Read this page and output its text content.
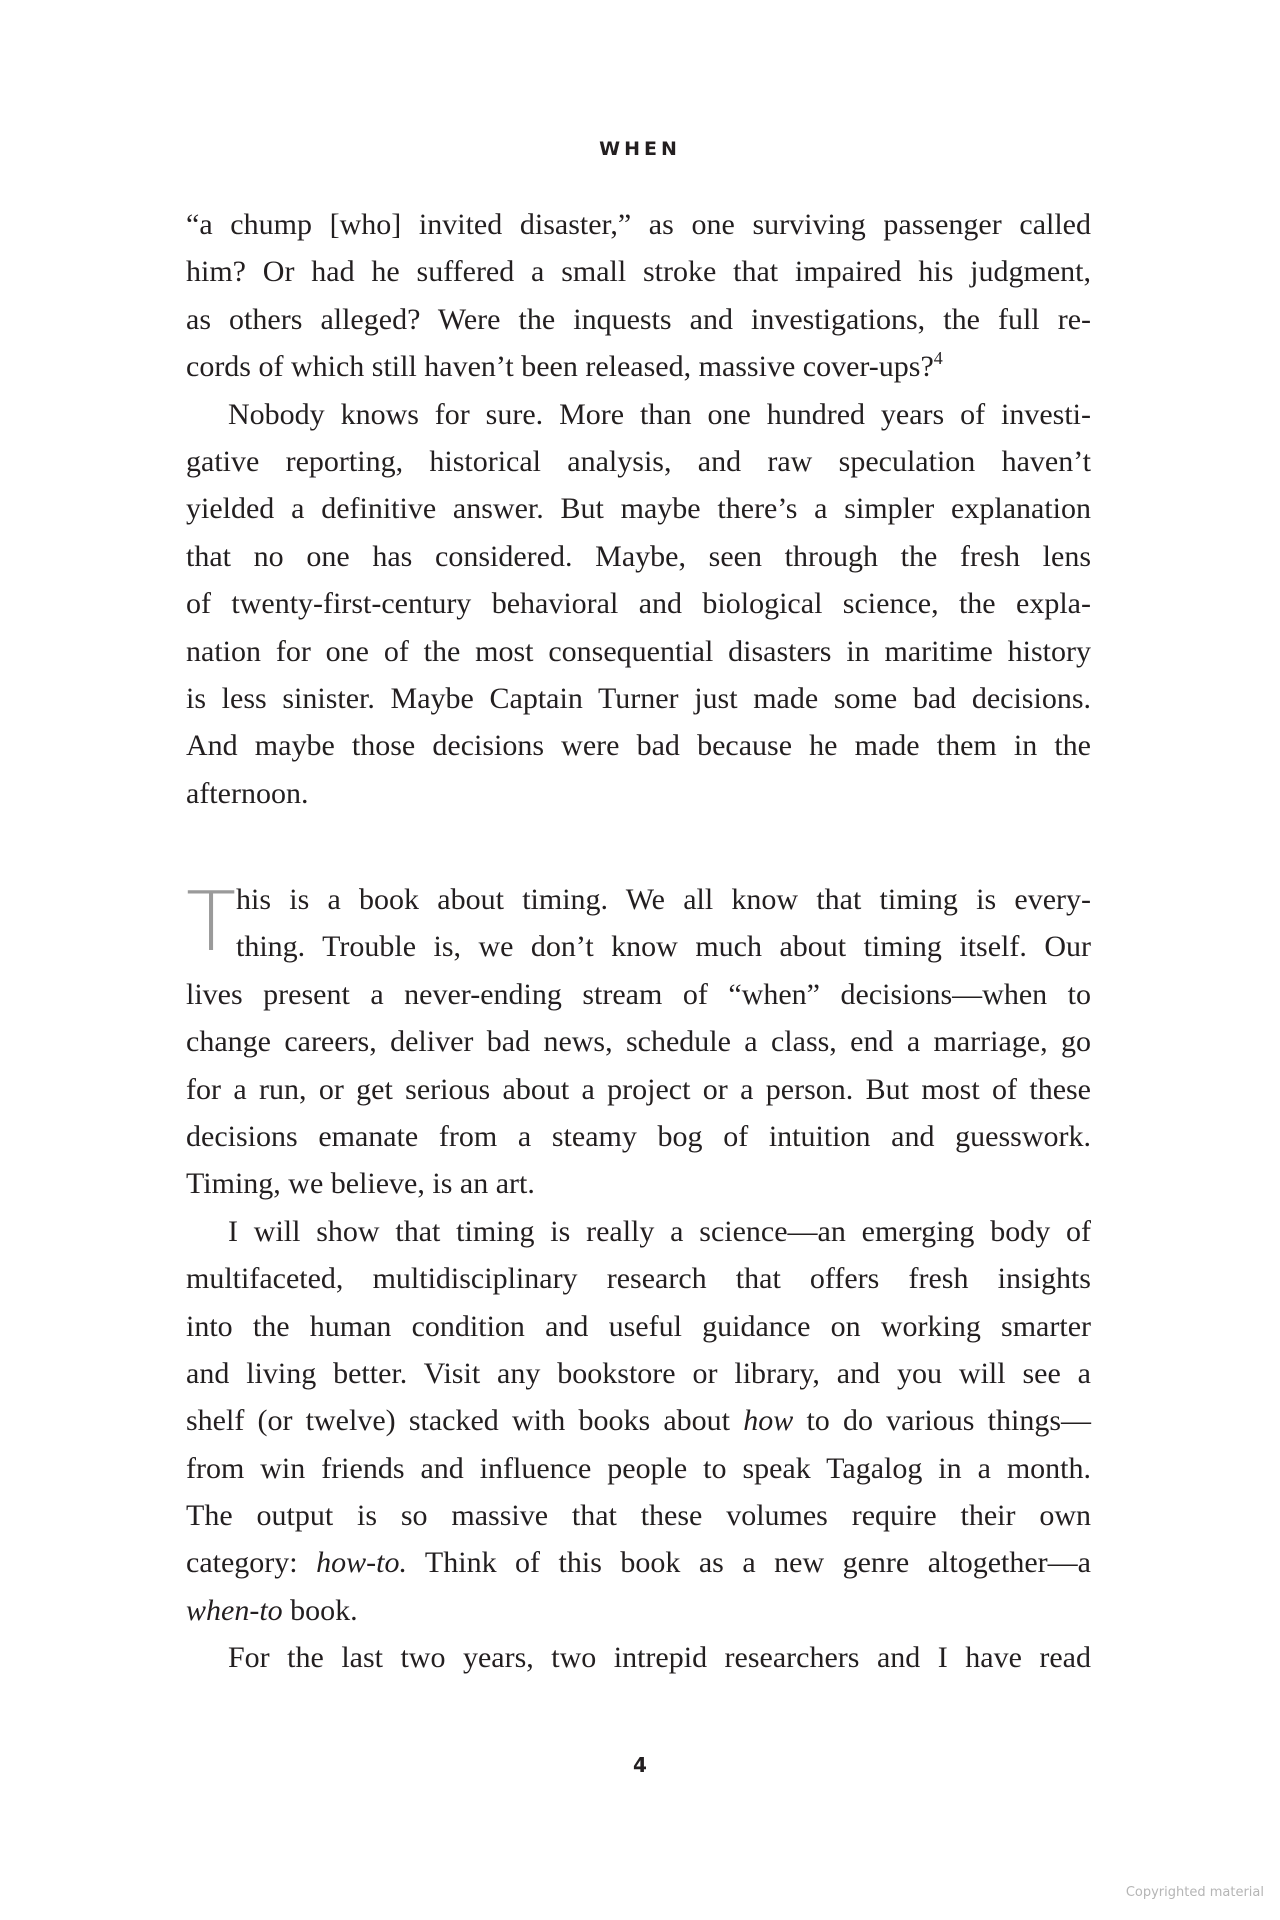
WHEN
“a chump [who] invited disaster,” as one surviving passenger called
him? Or had he suffered a small stroke that impaired his judgment,
as others alleged? Were the inquests and investigations, the full re-
cords of which still haven’t been released, massive cover-ups?$^4$
Nobody knows for sure. More than one hundred years of investi-
gative reporting, historical analysis, and raw speculation haven’t
yielded a definitive answer. But maybe there’s a simpler explanation
that no one has considered. Maybe, seen through the fresh lens
of twenty-first-century behavioral and biological science, the expla-
nation for one of the most consequential disasters in maritime history
is less sinister. Maybe Captain Turner just made some bad decisions.
And maybe those decisions were bad because he made them in the
afternoon.
T his is a book about timing. We all know that timing is every-
thing. Trouble is, we don’t know much about timing itself. Our
lives present a never-ending stream of “when” decisions—when to
change careers, deliver bad news, schedule a class, end a marriage, go
for a run, or get serious about a project or a person. But most of these
decisions emanate from a steamy bog of intuition and guesswork.
Timing, we believe, is an art.
I will show that timing is really a science—an emerging body of
multifaceted, multidisciplinary research that offers fresh insights
into the human condition and useful guidance on working smarter
and living better. Visit any bookstore or library, and you will see a
shelf (or twelve) stacked with books about how to do various things—
from win friends and influence people to speak Tagalog in a month.
The output is so massive that these volumes require their own
category: how-to. Think of this book as a new genre altogether—a
when-to book.
For the last two years, two intrepid researchers and I have read
4
Copyrighted material
